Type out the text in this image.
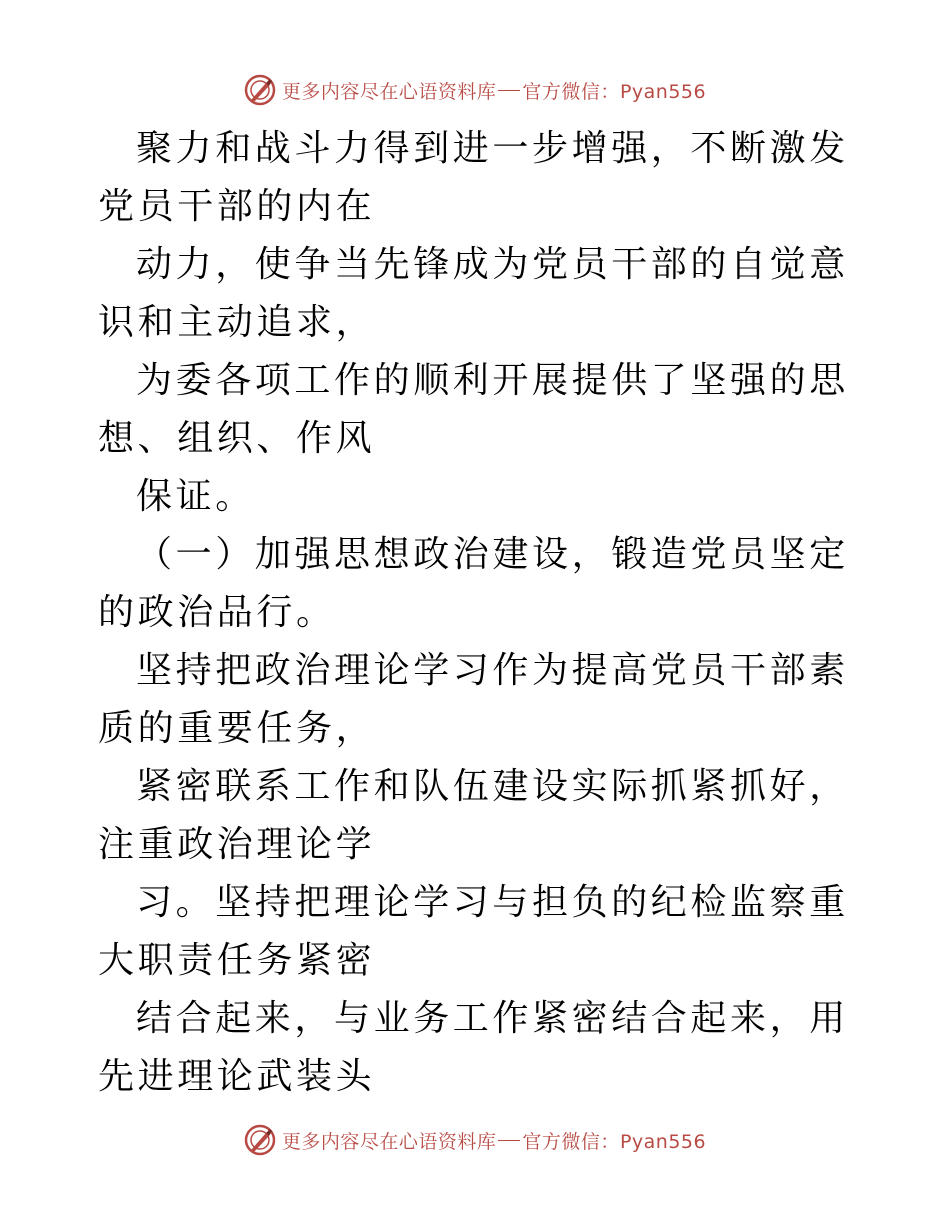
更多内容尽在心语资料库 官方微信：Pyan556

聚力和战斗力得到进一步增强，不断激发党员干部的内在

动力，使争当先锋成为党员干部的自觉意识和主动追求，

为委各项工作的顺利开展提供了坚强的思想、组织、作风

保证。

（一）加强思想政治建设，锻造党员坚定的政治品行。

坚持把政治理论学习作为提高党员干部素质的重要任务，

紧密联系工作和队伍建设实际抓紧抓好，注重政治理论学

习。坚持把理论学习与担负的纪检监察重大职责任务紧密

结合起来，与业务工作紧密结合起来，用先进理论武装头

更多内容尽在心语资料库 官方微信：Pyan556
